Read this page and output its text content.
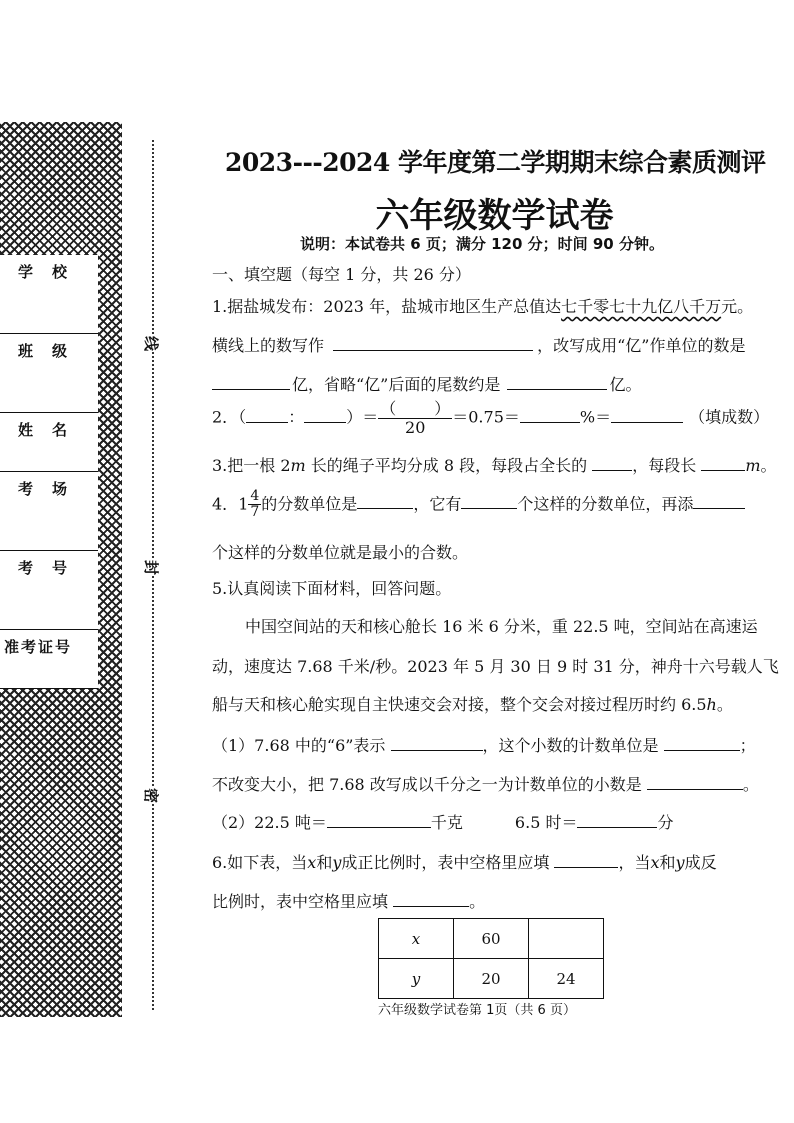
学　校
班　级
姓　名
考　场
考　号
准考证号
线
封
密
2023---2024 学年度第二学期期末综合素质测评
六年级数学试卷
说明：本试卷共 6 页；满分 120 分；时间 90 分钟。
一、填空题（每空 1 分，共 26 分）
1.据盐城发布：2023 年，盐城市地区生产总值达七千零七十九亿八千万元。
横线上的数写作	，改写成用“亿”作单位的数是
亿，省略“亿”后面的尾数约是	亿。
2．（	：	）＝ $\frac{( )}{20} =0.75=$	%＝	（填成数）
3.把一根 2m 长的绳子平均分成 8 段，每段占全长的	，每段长	m。
4．$1 \frac{4}{7}$ 的分数单位是	，它有	个这样的分数单位，再添
个这样的分数单位就是最小的合数。
5.认真阅读下面材料，回答问题。
中国空间站的天和核心舱长 16 米 6 分米，重 22.5 吨，空间站在高速运
动，速度达 7.68 千米/秒。2023 年 5 月 30 日 9 时 31 分，神舟十六号载人飞
船与天和核心舱实现自主快速交会对接，整个交会对接过程历时约 6.5h。
（1）7.68 中的“6”表示	，这个小数的计数单位是	；
不改变大小，把 7.68 改写成以千分之一为计数单位的小数是	。
（2）22.5 吨＝	千克	6.5 时＝	分
6.如下表，当x和y成正比例时，表中空格里应填	，当x和y成反
比例时，表中空格里应填	。
x	60	
y	20	24
六年级数学试卷第 1页（共 6 页）
